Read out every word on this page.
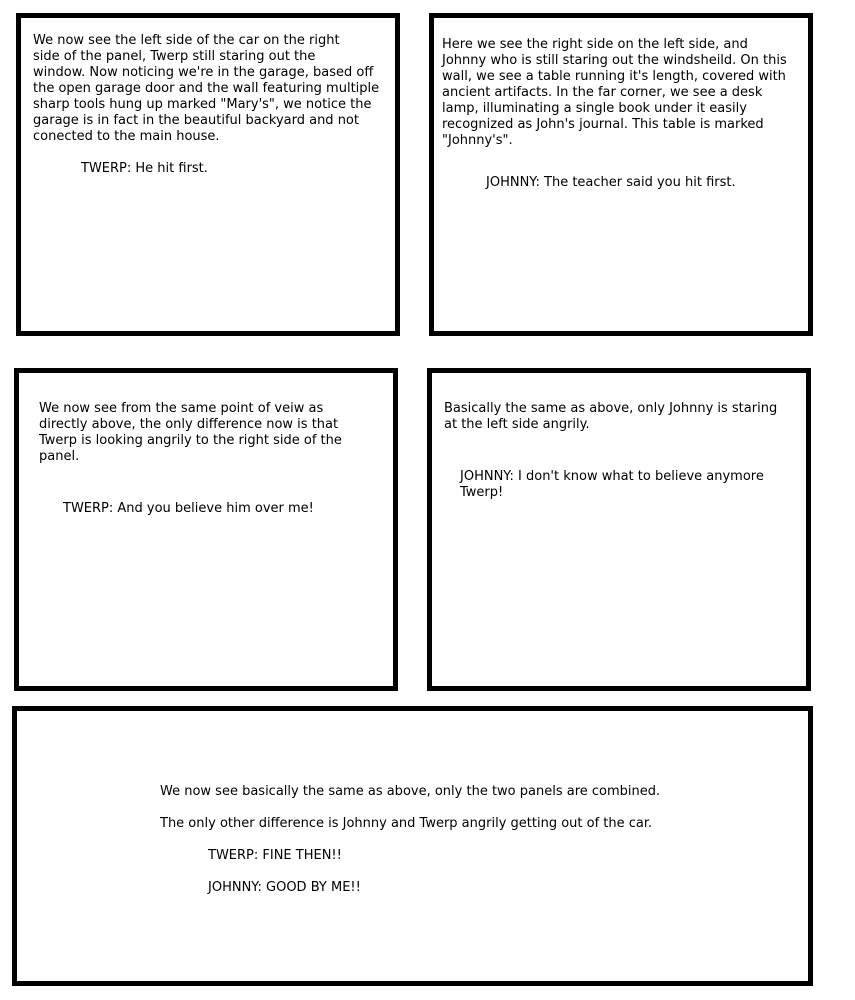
We now see the left side of the car on the right
side of the panel, Twerp still staring out the
window. Now noticing we're in the garage, based off
the open garage door and the wall featuring multiple
sharp tools hung up marked "Mary's", we notice the
garage is in fact in the beautiful backyard and not
conected to the main house.

TWERP: He hit first.

Here we see the right side on the left side, and
Johnny who is still staring out the windsheild. On this
wall, we see a table running it's length, covered with
ancient artifacts. In the far corner, we see a desk
lamp, illuminating a single book under it easily
recognized as John's journal. This table is marked
"Johnny's".

JOHNNY: The teacher said you hit first.

We now see from the same point of veiw as
directly above, the only difference now is that
Twerp is looking angrily to the right side of the
panel.

TWERP: And you believe him over me!

Basically the same as above, only Johnny is staring
at the left side angrily.

JOHNNY: I don't know what to believe anymore
Twerp!

We now see basically the same as above, only the two panels are combined.

The only other difference is Johnny and Twerp angrily getting out of the car.

TWERP: FINE THEN!!

JOHNNY: GOOD BY ME!!
